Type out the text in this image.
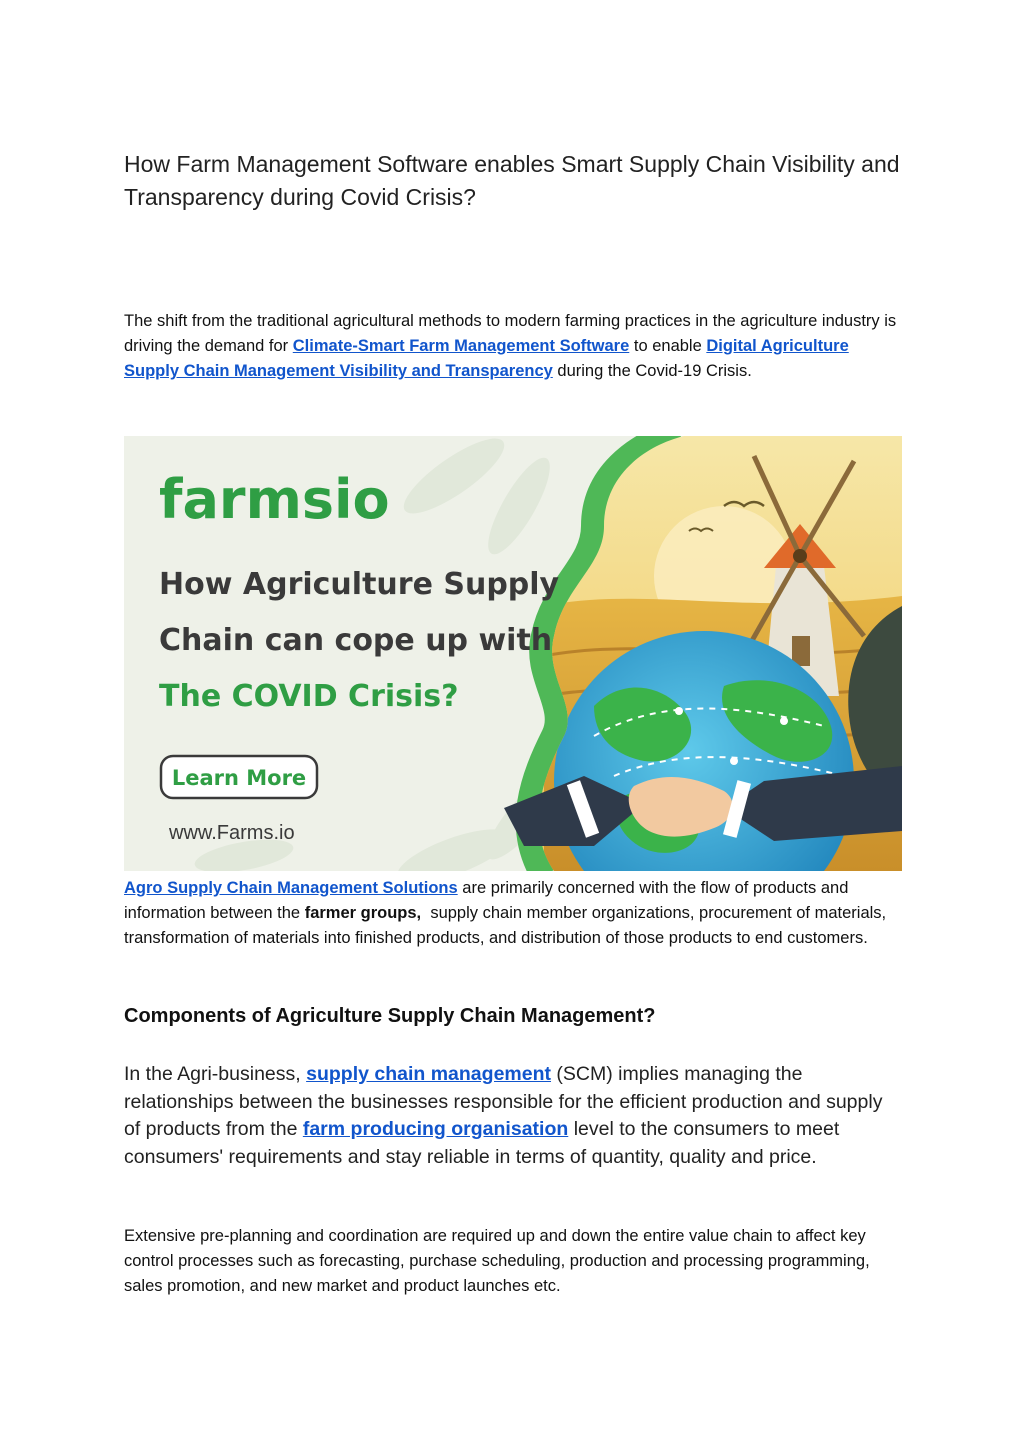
How Farm Management Software enables Smart Supply Chain Visibility and Transparency during Covid Crisis?

The shift from the traditional agricultural methods to modern farming practices in the agriculture industry is driving the demand for Climate-Smart Farm Management Software to enable Digital Agriculture Supply Chain Management Visibility and Transparency during the Covid-19 Crisis.

farmsio
How Agriculture Supply
Chain can cope up with
The COVID Crisis?
Learn More
www.Farms.io

Agro Supply Chain Management Solutions are primarily concerned with the flow of products and information between the farmer groups,  supply chain member organizations, procurement of materials, transformation of materials into finished products, and distribution of those products to end customers.

Components of Agriculture Supply Chain Management?

In the Agri-business, supply chain management (SCM) implies managing the relationships between the businesses responsible for the efficient production and supply of products from the farm producing organisation level to the consumers to meet consumers' requirements and stay reliable in terms of quantity, quality and price.

Extensive pre-planning and coordination are required up and down the entire value chain to affect key control processes such as forecasting, purchase scheduling, production and processing programming, sales promotion, and new market and product launches etc.
